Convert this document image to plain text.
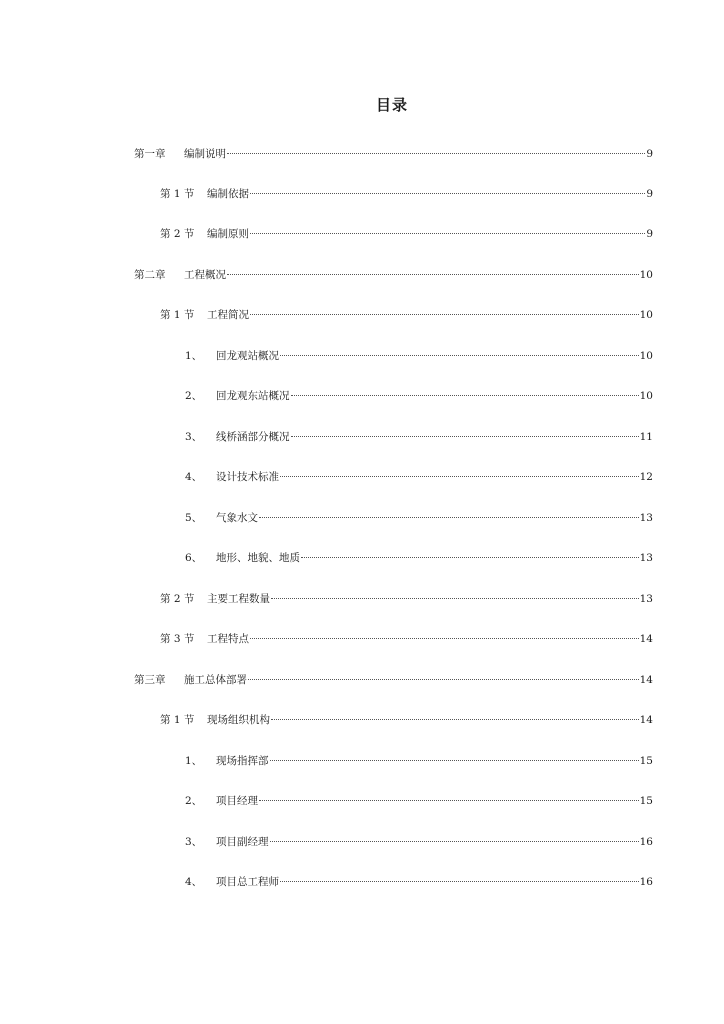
目录
第一章	编制说明	9
第 1 节	编制依据	9
第 2 节	编制原则	9
第二章	工程概况	10
第 1 节	工程简况	10
1、	回龙观站概况	10
2、	回龙观东站概况	10
3、	线桥涵部分概况	11
4、	设计技术标准	12
5、	气象水文	13
6、	地形、地貌、地质	13
第 2 节	主要工程数量	13
第 3 节	工程特点	14
第三章	施工总体部署	14
第 1 节	现场组织机构	14
1、	现场指挥部	15
2、	项目经理	15
3、	项目副经理	16
4、	项目总工程师	16
